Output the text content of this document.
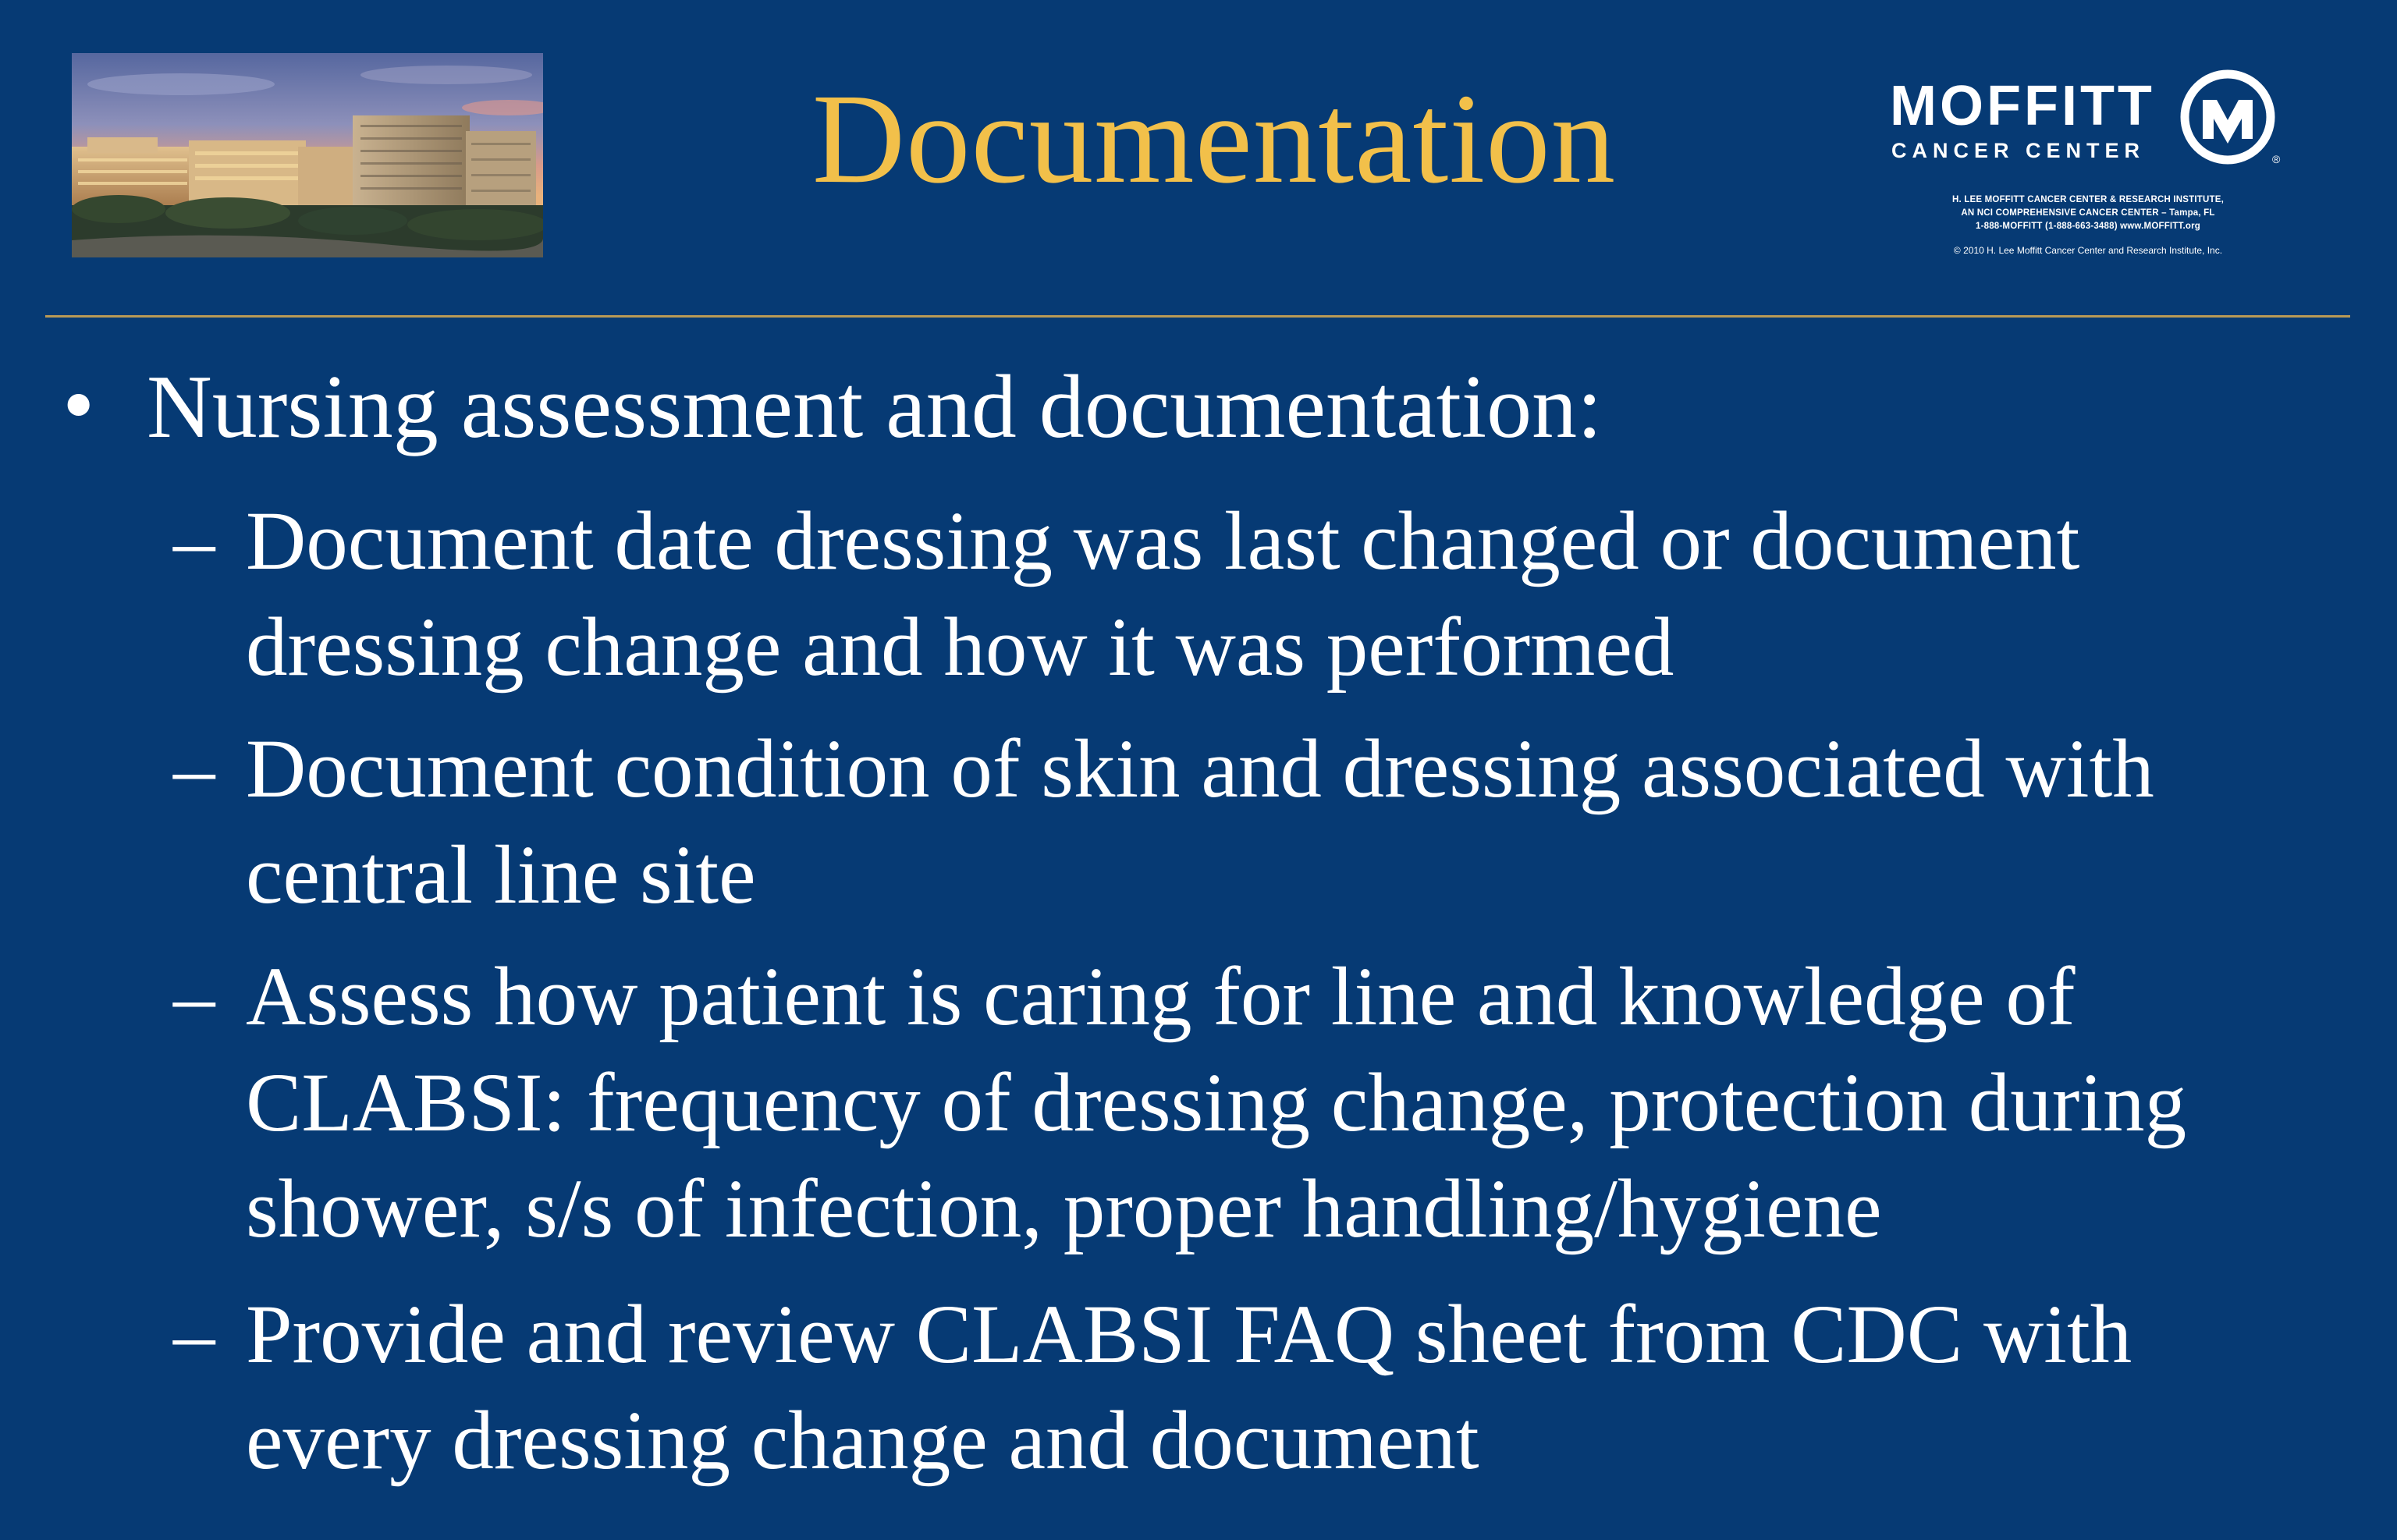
Documentation	MOFFITT
CANCER CENTER	®
H. LEE MOFFITT CANCER CENTER & RESEARCH INSTITUTE,
AN NCI COMPREHENSIVE CANCER CENTER – Tampa, FL
1-888-MOFFITT (1-888-663-3488) www.MOFFITT.org
© 2010 H. Lee Moffitt Cancer Center and Research Institute, Inc.
• Nursing assessment and documentation:
– Document date dressing was last changed or document
dressing change and how it was performed
– Document condition of skin and dressing associated with
central line site
– Assess how patient is caring for line and knowledge of
CLABSI: frequency of dressing change, protection during
shower, s/s of infection, proper handling/hygiene
– Provide and review CLABSI FAQ sheet from CDC with
every dressing change and document
